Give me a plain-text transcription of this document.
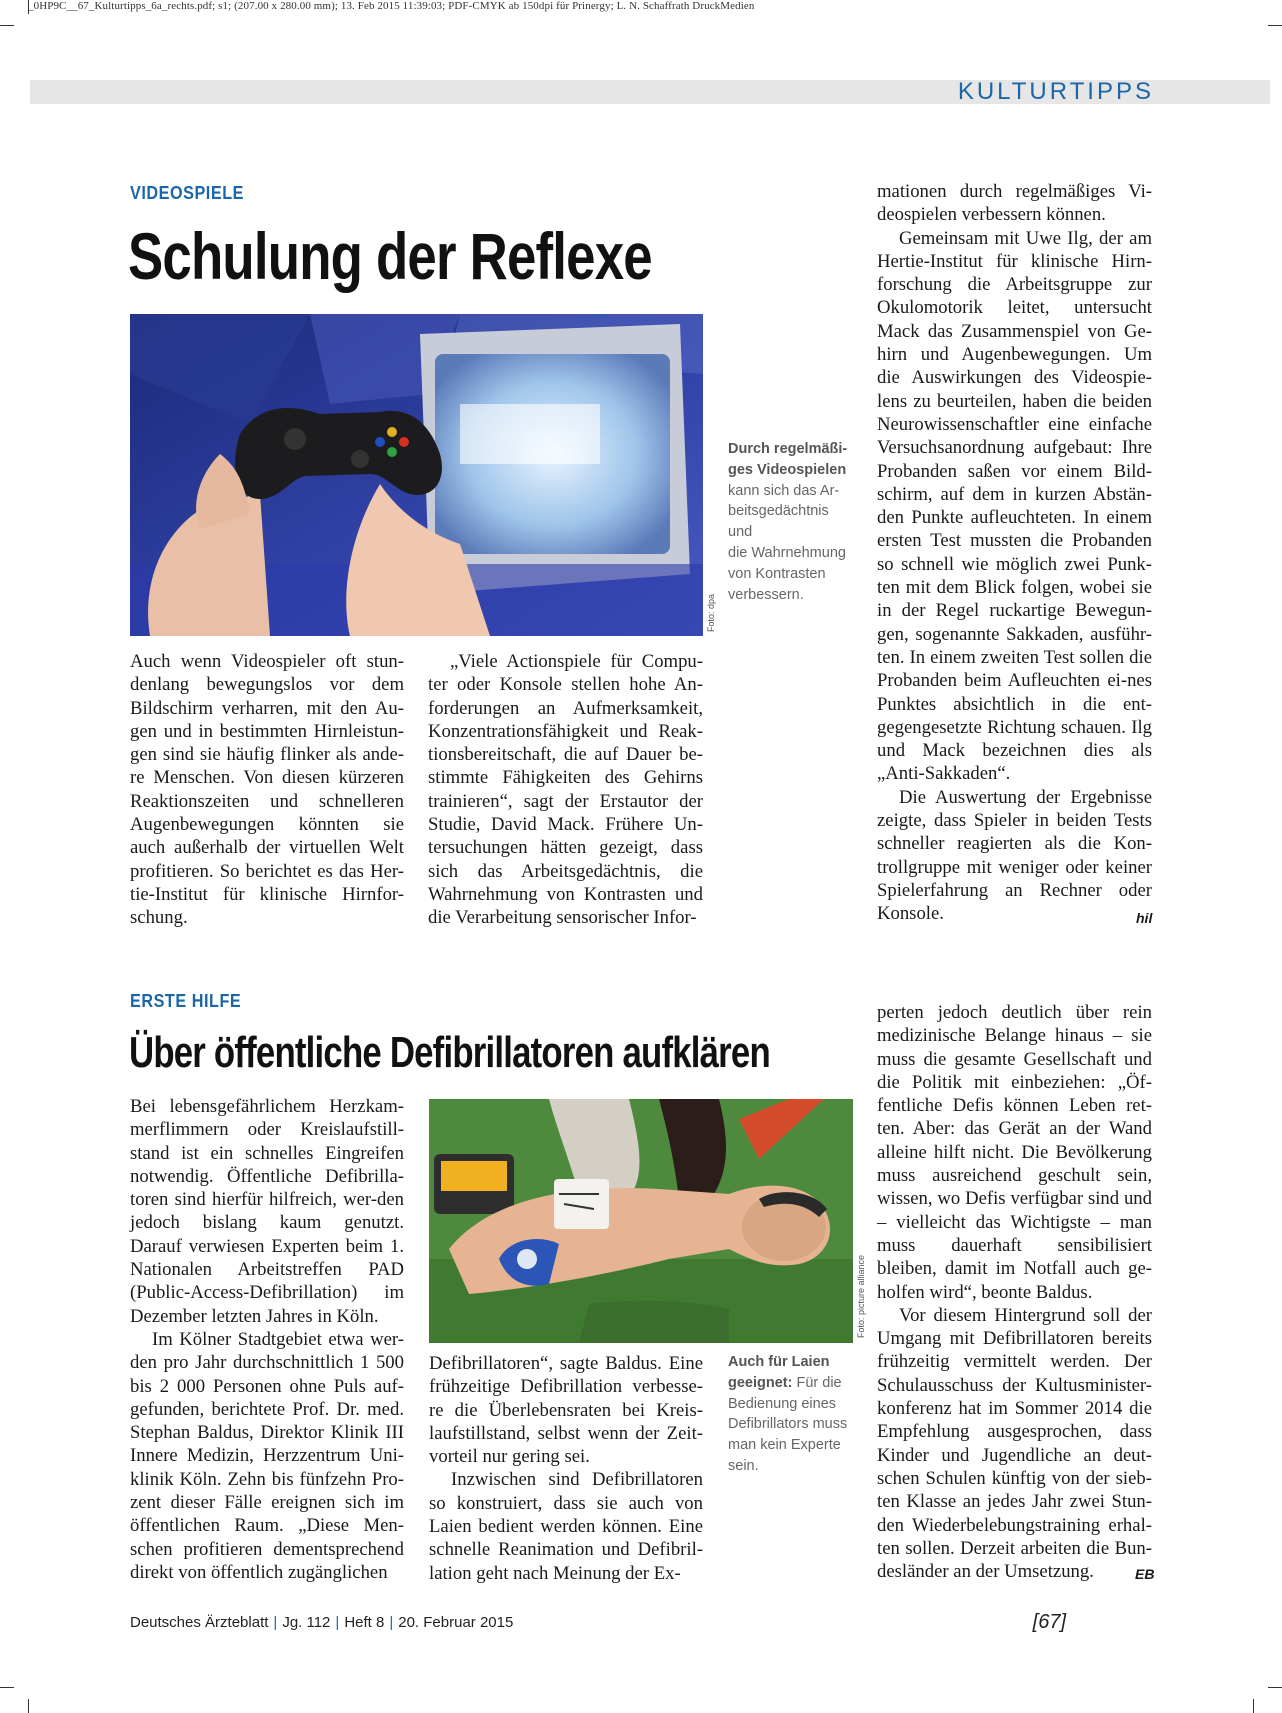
_0HP9C__67_Kulturtipps_6a_rechts.pdf; s1; (207.00 x 280.00 mm); 13. Feb 2015 11:39:03; PDF-CMYK ab 150dpi für Prinergy; L. N. Schaffrath DruckMedien
KULTURTIPPS
VIDEOSPIELE
Schulung der Reflexe
Foto: dpa
Durch regelmäßi-
ges Videospielen
kann sich das Ar-
beitsgedächtnis und
die Wahrnehmung
von Kontrasten
verbessern.

Auch wenn Videospieler oft stun-denlang bewegungslos vor dem Bildschirm verharren, mit den Au-gen und in bestimmten Hirnleistun-gen sind sie häufig flinker als ande-re Menschen. Von diesen kürzeren Reaktionszeiten und schnelleren Augenbewegungen könnten sie auch außerhalb der virtuellen Welt profitieren. So berichtet es das Her-tie-Institut für klinische Hirnfor-schung.

„Viele Actionspiele für Compu-ter oder Konsole stellen hohe An-forderungen an Aufmerksamkeit, Konzentrationsfähigkeit und Reak-tionsbereitschaft, die auf Dauer be-stimmte Fähigkeiten des Gehirns trainieren“, sagt der Erstautor der Studie, David Mack. Frühere Un-tersuchungen hätten gezeigt, dass sich das Arbeitsgedächtnis, die Wahrnehmung von Kontrasten und die Verarbeitung sensorischer Infor-

mationen durch regelmäßiges Vi-deospielen verbessern können.

Gemeinsam mit Uwe Ilg, der am Hertie-Institut für klinische Hirn-forschung die Arbeitsgruppe zur Okulomotorik leitet, untersucht Mack das Zusammenspiel von Ge-hirn und Augenbewegungen. Um die Auswirkungen des Videospie-lens zu beurteilen, haben die beiden Neurowissenschaftler eine einfache Versuchsanordnung aufgebaut: Ihre Probanden saßen vor einem Bild-schirm, auf dem in kurzen Abstän-den Punkte aufleuchteten. In einem ersten Test mussten die Probanden so schnell wie möglich zwei Punk-ten mit dem Blick folgen, wobei sie in der Regel ruckartige Bewegun-gen, sogenannte Sakkaden, ausführ-ten. In einem zweiten Test sollen die Probanden beim Aufleuchten ei-nes Punktes absichtlich in die ent-gegengesetzte Richtung schauen. Ilg und Mack bezeichnen dies als „Anti-Sakkaden“.

Die Auswertung der Ergebnisse zeigte, dass Spieler in beiden Tests schneller reagierten als die Kon-trollgruppe mit weniger oder keiner Spielerfahrung an Rechner oder Konsole.	hil
ERSTE HILFE
Über öffentliche Defibrillatoren aufklären
Foto: picture alliance
Auch für Laien
geeignet: Für die
Bedienung eines
Defibrillators muss
man kein Experte
sein.

Bei lebensgefährlichem Herzkam-merflimmern oder Kreislaufstill-stand ist ein schnelles Eingreifen notwendig. Öffentliche Defibrilla-toren sind hierfür hilfreich, wer-den jedoch bislang kaum genutzt. Darauf verwiesen Experten beim 1. Nationalen Arbeitstreffen PAD (Public-Access-Defibrillation) im Dezember letzten Jahres in Köln.

Im Kölner Stadtgebiet etwa wer-den pro Jahr durchschnittlich 1 500 bis 2 000 Personen ohne Puls auf-gefunden, berichtete Prof. Dr. med. Stephan Baldus, Direktor Klinik III Innere Medizin, Herzzentrum Uni-klinik Köln. Zehn bis fünfzehn Pro-zent dieser Fälle ereignen sich im öffentlichen Raum. „Diese Men-schen profitieren dementsprechend direkt von öffentlich zugänglichen

Defibrillatoren“, sagte Baldus. Eine frühzeitige Defibrillation verbesse-re die Überlebensraten bei Kreis-laufstillstand, selbst wenn der Zeit-vorteil nur gering sei.

Inzwischen sind Defibrillatoren so konstruiert, dass sie auch von Laien bedient werden können. Eine schnelle Reanimation und Defibril-lation geht nach Meinung der Ex-

perten jedoch deutlich über rein medizinische Belange hinaus – sie muss die gesamte Gesellschaft und die Politik mit einbeziehen: „Öf-fentliche Defis können Leben ret-ten. Aber: das Gerät an der Wand alleine hilft nicht. Die Bevölkerung muss ausreichend geschult sein, wissen, wo Defis verfügbar sind und – vielleicht das Wichtigste – man muss dauerhaft sensibilisiert bleiben, damit im Notfall auch ge-holfen wird“, beonte Baldus.

Vor diesem Hintergrund soll der Umgang mit Defibrillatoren bereits frühzeitig vermittelt werden. Der Schulausschuss der Kultusminister-konferenz hat im Sommer 2014 die Empfehlung ausgesprochen, dass Kinder und Jugendliche an deut-schen Schulen künftig von der sieb-ten Klasse an jedes Jahr zwei Stun-den Wiederbelebungstraining erhal-ten sollen. Derzeit arbeiten die Bun-desländer an der Umsetzung.	EB
Deutsches Ärzteblatt | Jg. 112 | Heft 8 | 20. Februar 2015	[67]
